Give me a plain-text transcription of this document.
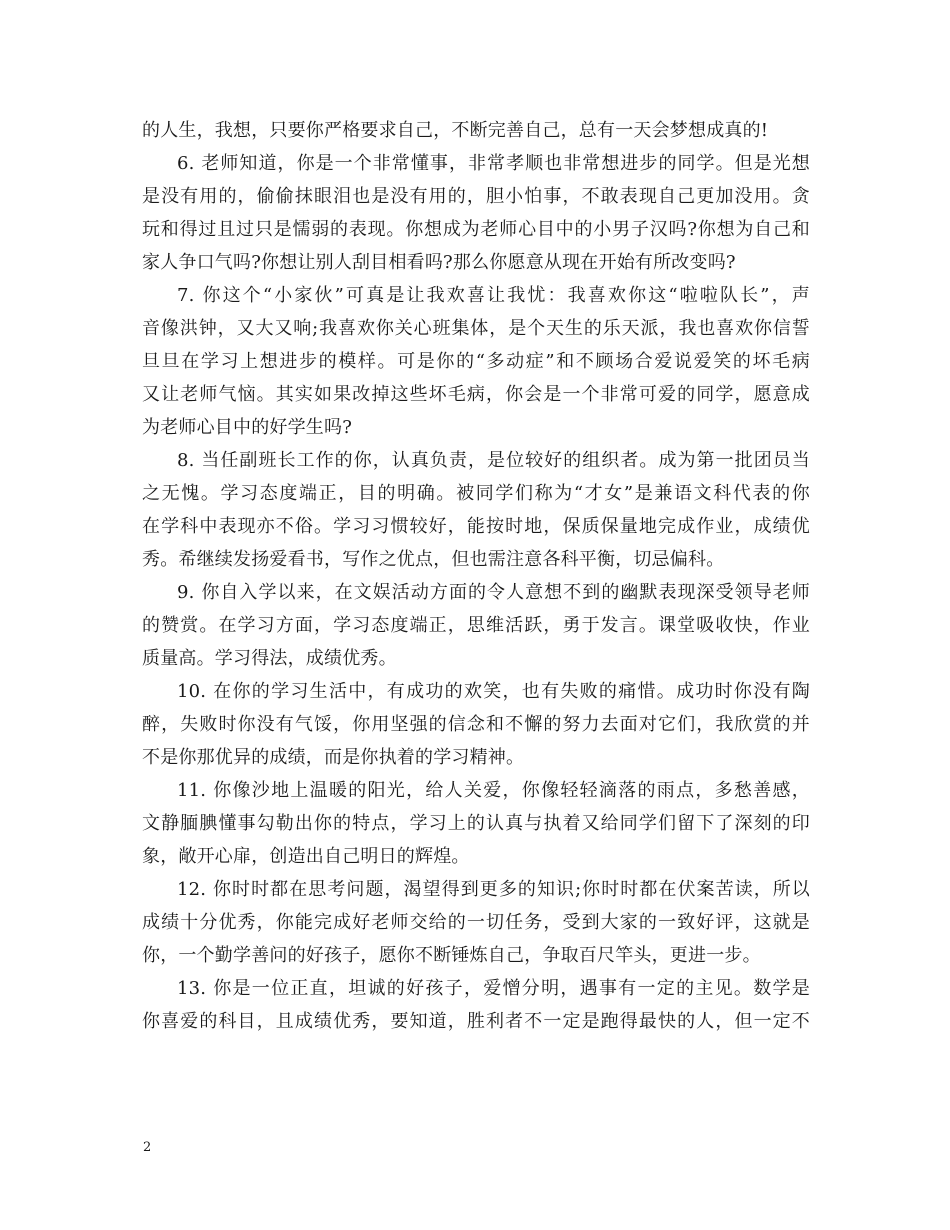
的人生，我想，只要你严格要求自己，不断完善自己，总有一天会梦想成真的!
6. 老师知道，你是一个非常懂事，非常孝顺也非常想进步的同学。但是光想
是没有用的，偷偷抹眼泪也是没有用的，胆小怕事，不敢表现自己更加没用。贪
玩和得过且过只是懦弱的表现。你想成为老师心目中的小男子汉吗?你想为自己和
家人争口气吗?你想让别人刮目相看吗?那么你愿意从现在开始有所改变吗?
7. 你这个“小家伙”可真是让我欢喜让我忧：我喜欢你这“啦啦队长”，声
音像洪钟，又大又响;我喜欢你关心班集体，是个天生的乐天派，我也喜欢你信誓
旦旦在学习上想进步的模样。可是你的“多动症”和不顾场合爱说爱笑的坏毛病
又让老师气恼。其实如果改掉这些坏毛病，你会是一个非常可爱的同学，愿意成
为老师心目中的好学生吗?
8. 当任副班长工作的你，认真负责，是位较好的组织者。成为第一批团员当
之无愧。学习态度端正，目的明确。被同学们称为“才女”是兼语文科代表的你
在学科中表现亦不俗。学习习惯较好，能按时地，保质保量地完成作业，成绩优
秀。希继续发扬爱看书，写作之优点，但也需注意各科平衡，切忌偏科。
9. 你自入学以来，在文娱活动方面的令人意想不到的幽默表现深受领导老师
的赞赏。在学习方面，学习态度端正，思维活跃，勇于发言。课堂吸收快，作业
质量高。学习得法，成绩优秀。
10. 在你的学习生活中，有成功的欢笑，也有失败的痛惜。成功时你没有陶
醉，失败时你没有气馁，你用坚强的信念和不懈的努力去面对它们，我欣赏的并
不是你那优异的成绩，而是你执着的学习精神。
11. 你像沙地上温暖的阳光，给人关爱，你像轻轻滴落的雨点，多愁善感，
文静腼腆懂事勾勒出你的特点，学习上的认真与执着又给同学们留下了深刻的印
象，敞开心扉，创造出自己明日的辉煌。
12. 你时时都在思考问题，渴望得到更多的知识;你时时都在伏案苦读，所以
成绩十分优秀，你能完成好老师交给的一切任务，受到大家的一致好评，这就是
你，一个勤学善问的好孩子，愿你不断锤炼自己，争取百尺竿头，更进一步。
13. 你是一位正直，坦诚的好孩子，爱憎分明，遇事有一定的主见。数学是
你喜爱的科目，且成绩优秀，要知道，胜利者不一定是跑得最快的人，但一定不
2
